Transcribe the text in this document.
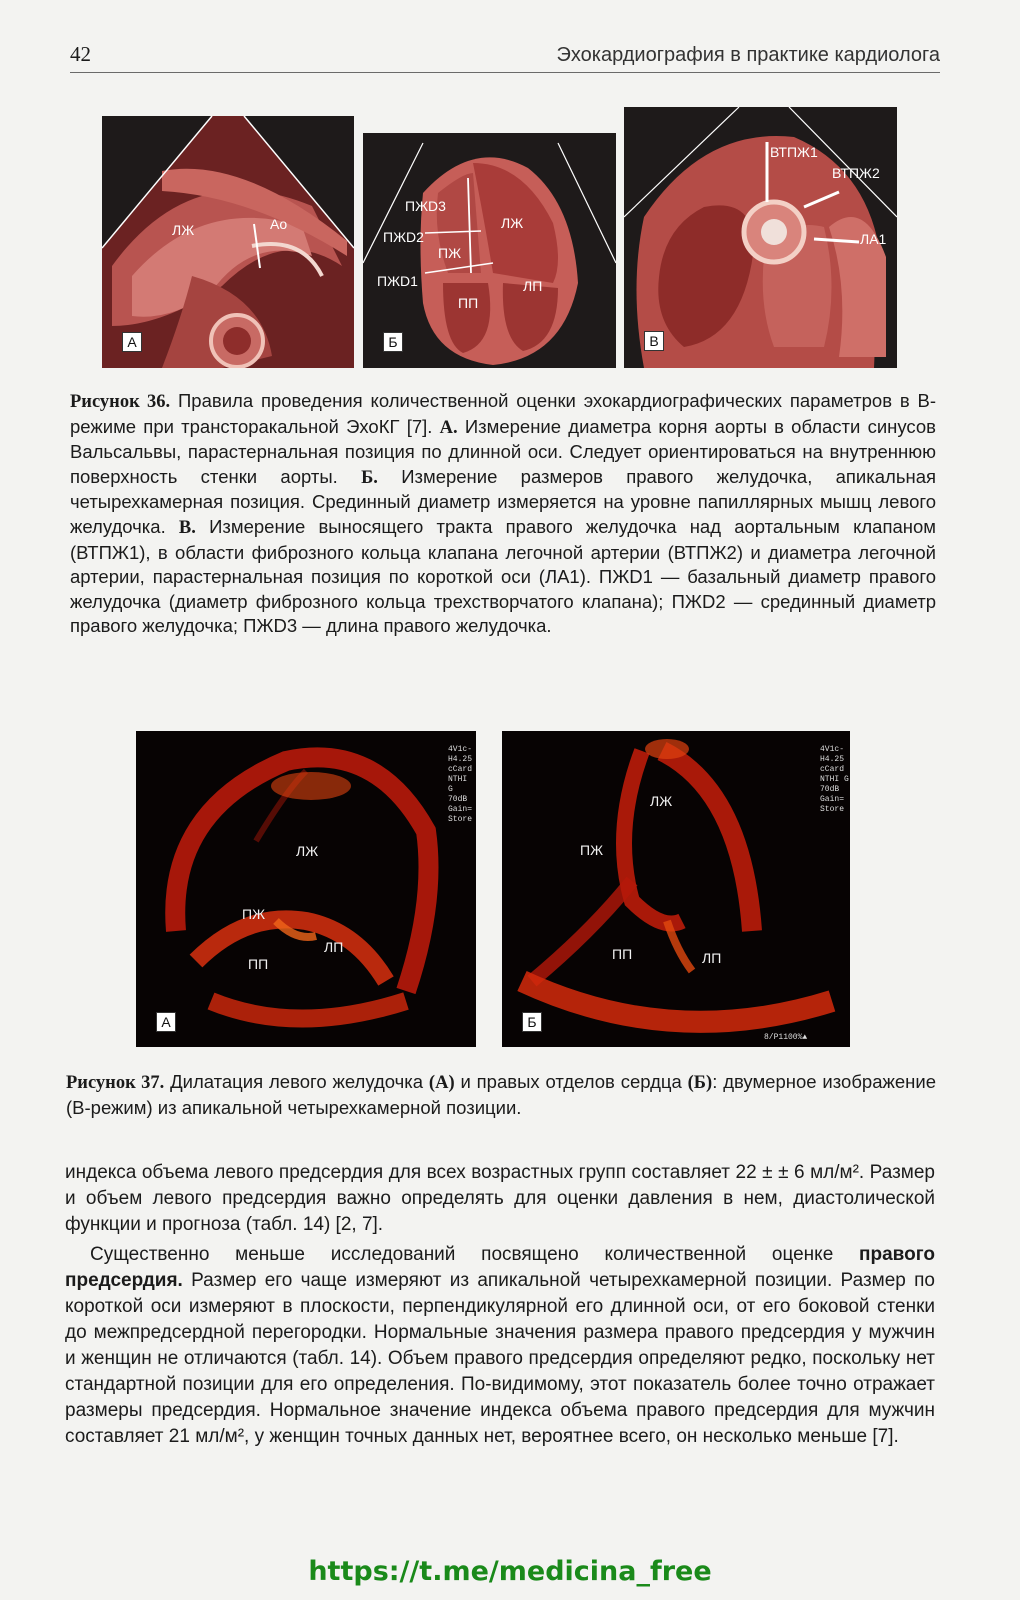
42	Эхокардиография в практике кардиолога
ЛЖ	Ao
А
ПЖD3
ПЖD2
ПЖ
ПЖD1
ЛЖ
ПП
ЛП
Б
ВТПЖ1
ВТПЖ2
ЛА1
В
Рисунок 36. Правила проведения количественной оценки эхокардиографических параметров в В-режиме при трансторакальной ЭхоКГ [7]. А. Измерение диаметра корня аорты в области синусов Вальсальвы, парастернальная позиция по длинной оси. Следует ориентироваться на внутреннюю поверхность стенки аорты. Б. Измерение размеров правого желудочка, апикальная четырехкамерная позиция. Срединный диаметр измеряется на уровне папиллярных мышц левого желудочка. В. Измерение выносящего тракта правого желудочка над аортальным клапаном (ВТПЖ1), в области фиброзного кольца клапана легочной артерии (ВТПЖ2) и диаметра легочной артерии, парастернальная позиция по короткой оси (ЛА1). ПЖD1 — базальный диаметр правого желудочка (диаметр фиброзного кольца трехстворчатого клапана); ПЖD2 — срединный диаметр правого желудочка; ПЖD3 — длина правого желудочка.
ЛЖ
ПЖ
ПП
ЛП
4V1c-
H4.25
cCard
NTHI G
70dB
Gain=
Store
А
ЛЖ
ПЖ
ПП	ЛП
4V1c-
H4.25
cCard
NTHI G
70dB
Gain=
Store
8/P1100%▲
Б
Рисунок 37. Дилатация левого желудочка (А) и правых отделов сердца (Б): двумерное изображение (В-режим) из апикальной четырехкамерной позиции.

индекса объема левого предсердия для всех возрастных групп составляет 22 ± ± 6 мл/м². Размер и объем левого предсердия важно определять для оценки давления в нем, диастолической функции и прогноза (табл. 14) [2, 7].

Существенно меньше исследований посвящено количественной оценке правого предсердия. Размер его чаще измеряют из апикальной четырехкамерной позиции. Размер по короткой оси измеряют в плоскости, перпендикулярной его длинной оси, от его боковой стенки до межпредсердной перегородки. Нормальные значения размера правого предсердия у мужчин и женщин не отличаются (табл. 14). Объем правого предсердия определяют редко, поскольку нет стандартной позиции для его определения. По-видимому, этот показатель более точно отражает размеры предсердия. Нормальное значение индекса объема правого предсердия для мужчин составляет 21 мл/м², у женщин точных данных нет, вероятнее всего, он несколько меньше [7].

https://t.me/medicina_free
